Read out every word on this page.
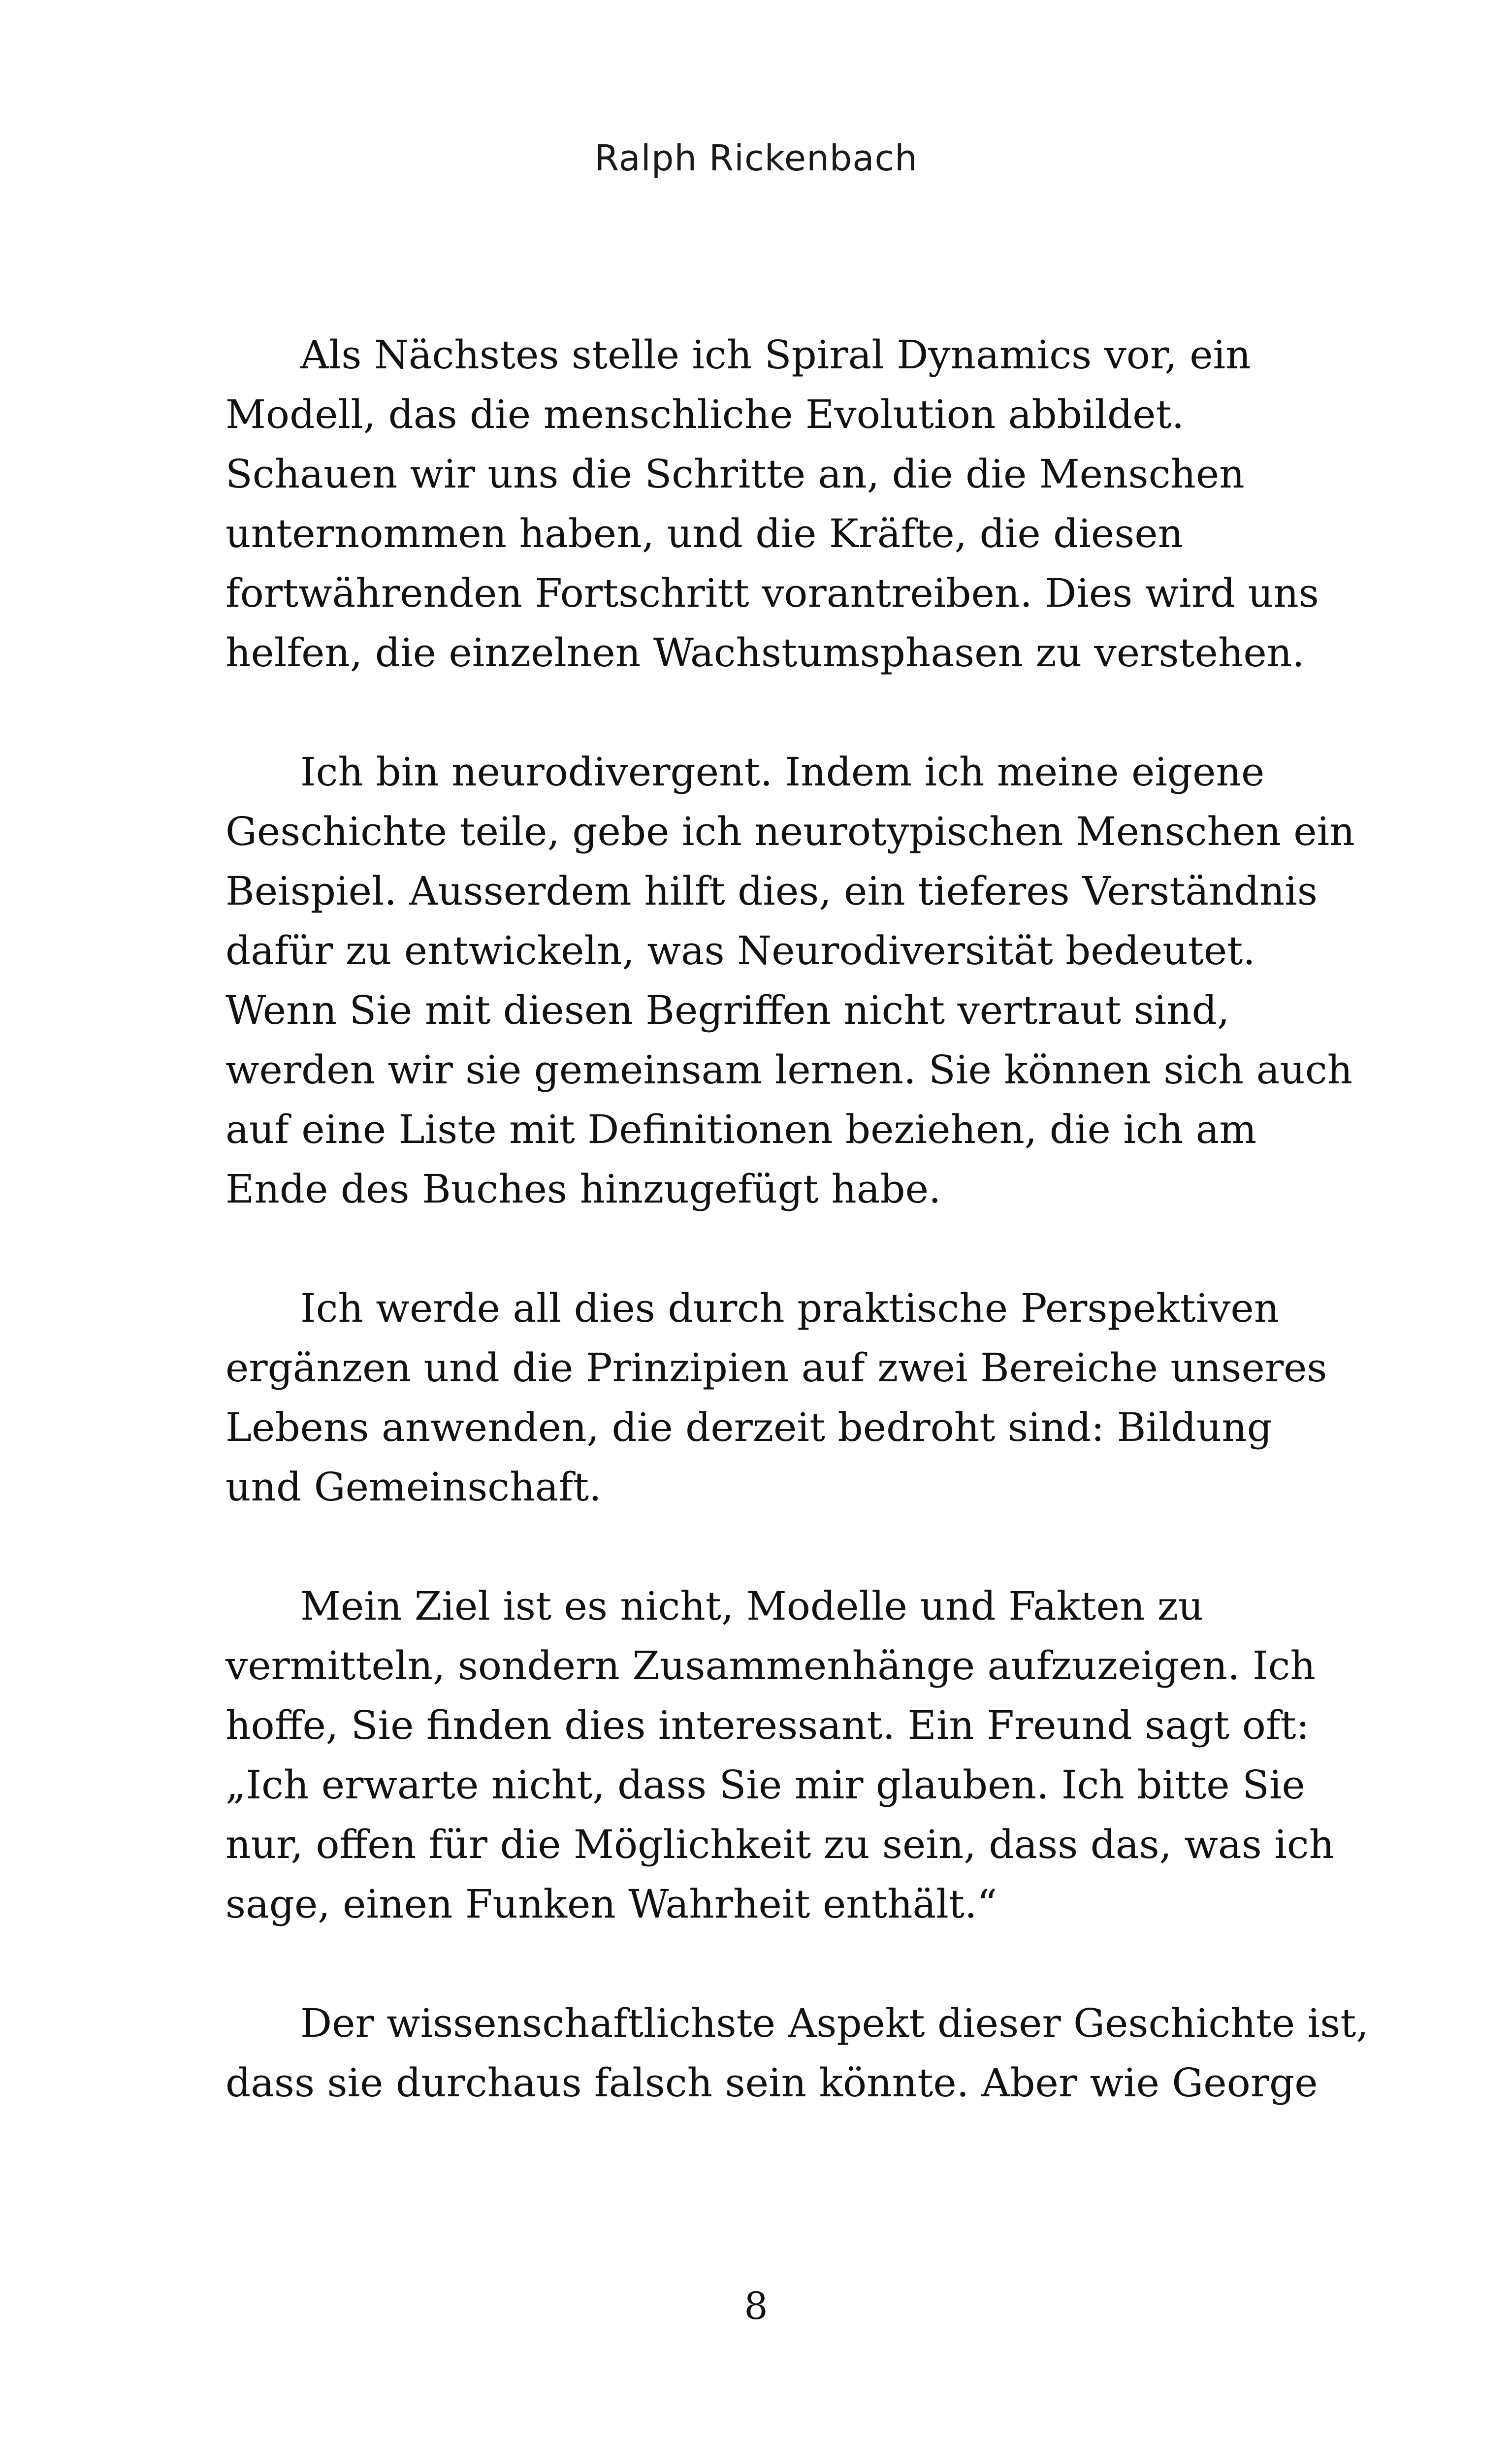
Ralph Rickenbach
Als Nächstes stelle ich Spiral Dynamics vor, ein
Modell, das die menschliche Evolution abbildet.
Schauen wir uns die Schritte an, die die Menschen
unternommen haben, und die Kräfte, die diesen
fortwährenden Fortschritt vorantreiben. Dies wird uns
helfen, die einzelnen Wachstumsphasen zu verstehen.
Ich bin neurodivergent. Indem ich meine eigene
Geschichte teile, gebe ich neurotypischen Menschen ein
Beispiel. Ausserdem hilft dies, ein tieferes Verständnis
dafür zu entwickeln, was Neurodiversität bedeutet.
Wenn Sie mit diesen Begriffen nicht vertraut sind,
werden wir sie gemeinsam lernen. Sie können sich auch
auf eine Liste mit Definitionen beziehen, die ich am
Ende des Buches hinzugefügt habe.
Ich werde all dies durch praktische Perspektiven
ergänzen und die Prinzipien auf zwei Bereiche unseres
Lebens anwenden, die derzeit bedroht sind: Bildung
und Gemeinschaft.
Mein Ziel ist es nicht, Modelle und Fakten zu
vermitteln, sondern Zusammenhänge aufzuzeigen. Ich
hoffe, Sie finden dies interessant. Ein Freund sagt oft:
„Ich erwarte nicht, dass Sie mir glauben. Ich bitte Sie
nur, offen für die Möglichkeit zu sein, dass das, was ich
sage, einen Funken Wahrheit enthält.“
Der wissenschaftlichste Aspekt dieser Geschichte ist,
dass sie durchaus falsch sein könnte. Aber wie George
8
